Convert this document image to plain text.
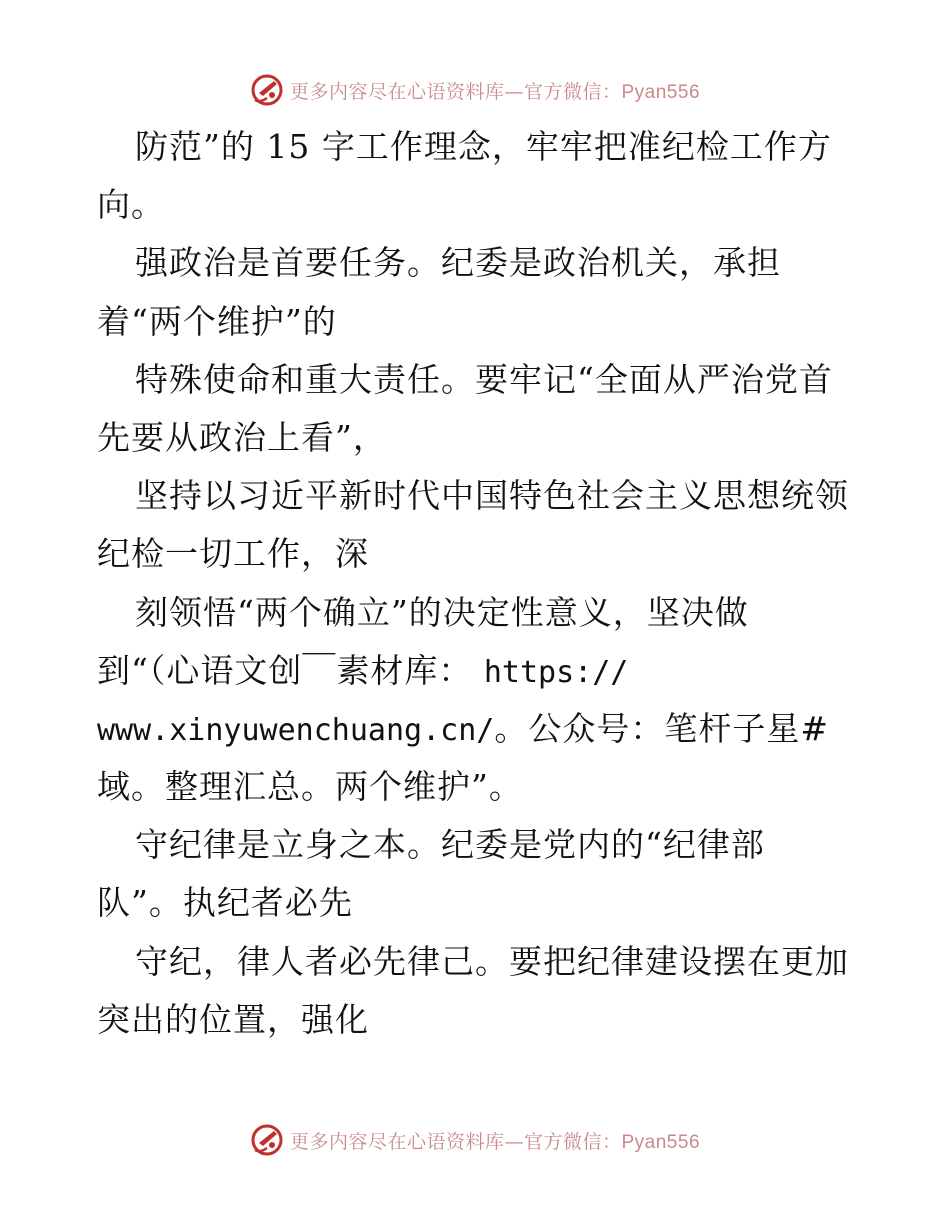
更多内容尽在心语资料库—官方微信：Pyan556
防范”的 15 字工作理念，牢牢把准纪检工作方
向。
强政治是首要任务。纪委是政治机关，承担
着“两个维护”的
特殊使命和重大责任。要牢记“全面从严治党首
先要从政治上看”，
坚持以习近平新时代中国特色社会主义思想统领
纪检一切工作，深
刻领悟“两个确立”的决定性意义，坚决做
到“（心语文创￣素材库： https://
www.xinyuwenchuang.cn/。公众号：笔杆子星#
域。整理汇总。两个维护”。
守纪律是立身之本。纪委是党内的“纪律部
队”。执纪者必先
守纪，律人者必先律己。要把纪律建设摆在更加
突出的位置，强化
更多内容尽在心语资料库—官方微信：Pyan556
